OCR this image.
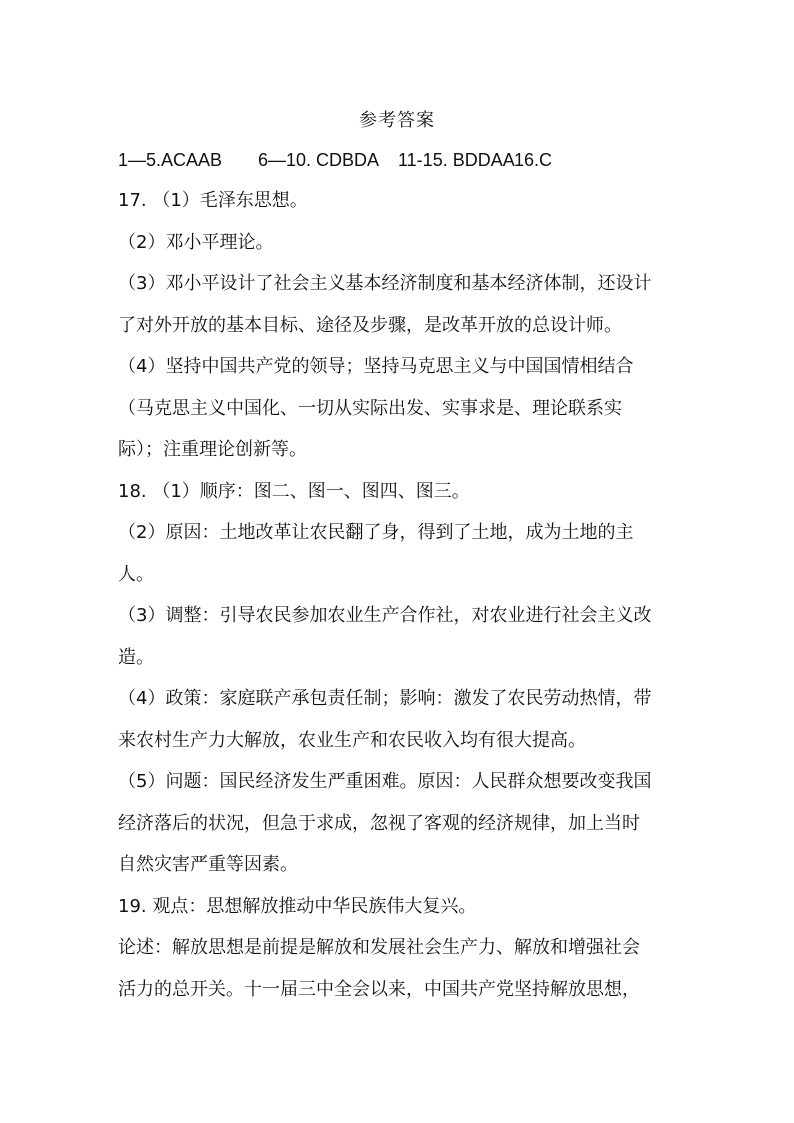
参考答案
1—5.ACAAB 6—10. CDBDA 11-15. BDDAA16.C
17. （1）毛泽东思想。
（2）邓小平理论。
（3）邓小平设计了社会主义基本经济制度和基本经济体制，还设计
了对外开放的基本目标、途径及步骤，是改革开放的总设计师。
（4）坚持中国共产党的领导；坚持马克思主义与中国国情相结合
（马克思主义中国化、一切从实际出发、实事求是、理论联系实
际）；注重理论创新等。
18. （1）顺序：图二、图一、图四、图三。
（2）原因：土地改革让农民翻了身，得到了土地，成为土地的主
人。
（3）调整：引导农民参加农业生产合作社，对农业进行社会主义改
造。
（4）政策：家庭联产承包责任制；影响：激发了农民劳动热情，带
来农村生产力大解放，农业生产和农民收入均有很大提高。
（5）问题：国民经济发生严重困难。原因：人民群众想要改变我国
经济落后的状况，但急于求成，忽视了客观的经济规律，加上当时
自然灾害严重等因素。
19. 观点：思想解放推动中华民族伟大复兴。
论述：解放思想是前提是解放和发展社会生产力、解放和增强社会
活力的总开关。十一届三中全会以来，中国共产党坚持解放思想，
